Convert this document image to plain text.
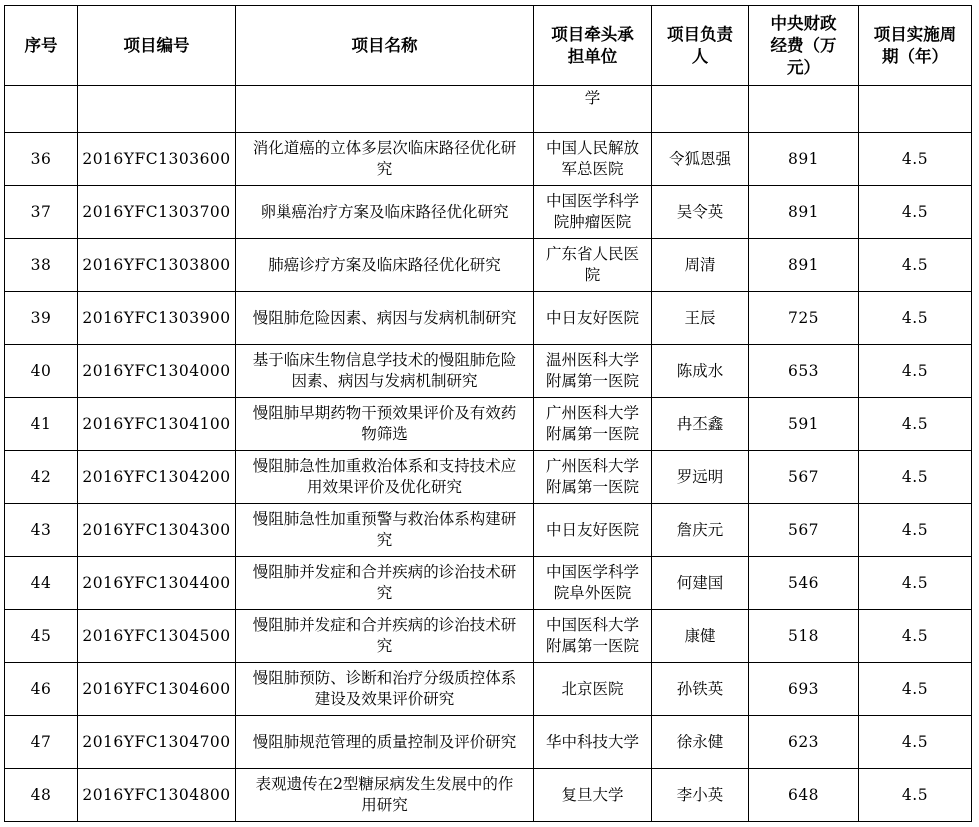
序号	项目编号	项目名称	项目牵头承担单位	项目负责人	中央财政经费（万元）	项目实施周期（年）
			学			
36	2016YFC1303600	消化道癌的立体多层次临床路径优化研究	中国人民解放军总医院	令狐恩强	891	4.5
37	2016YFC1303700	卵巢癌治疗方案及临床路径优化研究	中国医学科学院肿瘤医院	吴令英	891	4.5
38	2016YFC1303800	肺癌诊疗方案及临床路径优化研究	广东省人民医院	周清	891	4.5
39	2016YFC1303900	慢阻肺危险因素、病因与发病机制研究	中日友好医院	王辰	725	4.5
40	2016YFC1304000	基于临床生物信息学技术的慢阻肺危险因素、病因与发病机制研究	温州医科大学附属第一医院	陈成水	653	4.5
41	2016YFC1304100	慢阻肺早期药物干预效果评价及有效药物筛选	广州医科大学附属第一医院	冉丕鑫	591	4.5
42	2016YFC1304200	慢阻肺急性加重救治体系和支持技术应用效果评价及优化研究	广州医科大学附属第一医院	罗远明	567	4.5
43	2016YFC1304300	慢阻肺急性加重预警与救治体系构建研究	中日友好医院	詹庆元	567	4.5
44	2016YFC1304400	慢阻肺并发症和合并疾病的诊治技术研究	中国医学科学院阜外医院	何建国	546	4.5
45	2016YFC1304500	慢阻肺并发症和合并疾病的诊治技术研究	中国医科大学附属第一医院	康健	518	4.5
46	2016YFC1304600	慢阻肺预防、诊断和治疗分级质控体系建设及效果评价研究	北京医院	孙铁英	693	4.5
47	2016YFC1304700	慢阻肺规范管理的质量控制及评价研究	华中科技大学	徐永健	623	4.5
48	2016YFC1304800	表观遗传在2型糖尿病发生发展中的作用研究	复旦大学	李小英	648	4.5
